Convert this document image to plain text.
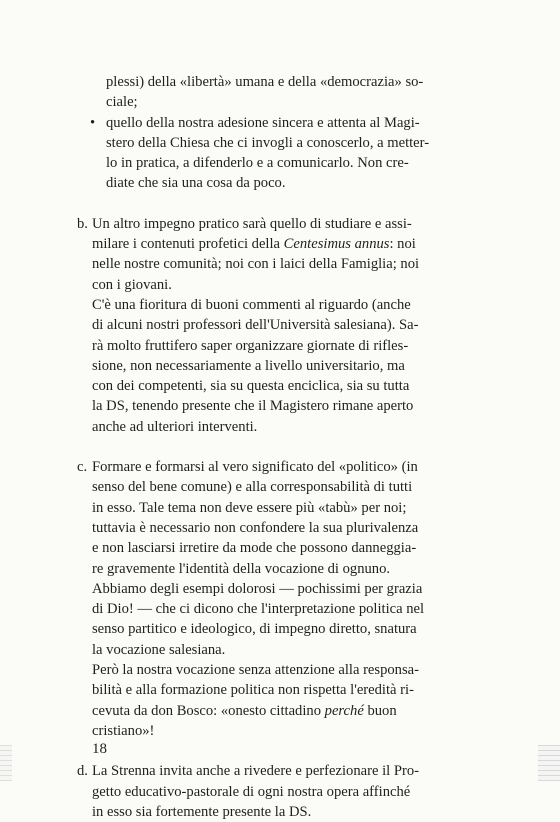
plessi) della «libertà» umana e della «democrazia» so-
ciale;
• quello della nostra adesione sincera e attenta al Magi-
stero della Chiesa che ci invogli a conoscerlo, a metter-
lo in pratica, a difenderlo e a comunicarlo. Non cre-
diate che sia una cosa da poco.
b. Un altro impegno pratico sarà quello di studiare e assi-
milare i contenuti profetici della Centesimus annus: noi
nelle nostre comunità; noi con i laici della Famiglia; noi
con i giovani.
C'è una fioritura di buoni commenti al riguardo (anche
di alcuni nostri professori dell'Università salesiana). Sa-
rà molto fruttifero saper organizzare giornate di rifles-
sione, non necessariamente a livello universitario, ma
con dei competenti, sia su questa enciclica, sia su tutta
la DS, tenendo presente che il Magistero rimane aperto
anche ad ulteriori interventi.
c. Formare e formarsi al vero significato del «politico» (in
senso del bene comune) e alla corresponsabilità di tutti
in esso. Tale tema non deve essere più «tabù» per noi;
tuttavia è necessario non confondere la sua plurivalenza
e non lasciarsi irretire da mode che possono danneggia-
re gravemente l'identità della vocazione di ognuno.
Abbiamo degli esempi dolorosi — pochissimi per grazia
di Dio! — che ci dicono che l'interpretazione politica nel
senso partitico e ideologico, di impegno diretto, snatura
la vocazione salesiana.
Però la nostra vocazione senza attenzione alla responsa-
bilità e alla formazione politica non rispetta l'eredità ri-
cevuta da don Bosco: «onesto cittadino perché buon
cristiano»!
d. La Strenna invita anche a rivedere e perfezionare il Pro-
getto educativo-pastorale di ogni nostra opera affinché
in esso sia fortemente presente la DS.
18
